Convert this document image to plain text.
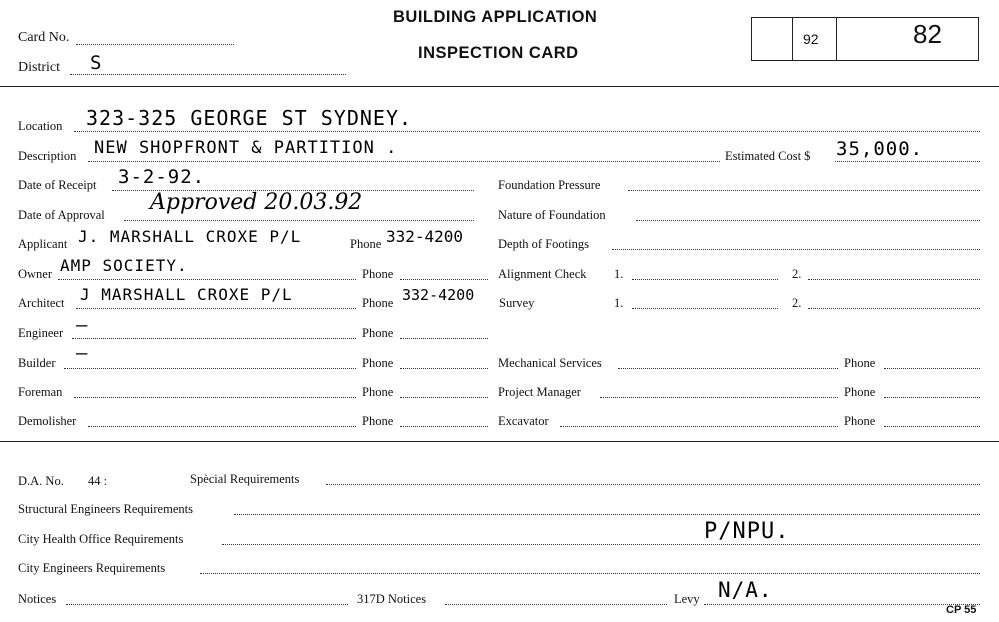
Card No.
District S
BUILDING APPLICATION
INSPECTION CARD
92	82
Location 323-325 GEORGE ST SYDNEY.
Description NEW SHOPFRONT & PARTITION .	Estimated Cost $ 35,000.
Date of Receipt 3-2-92.
Date of Approval Approved 20.03.92
Applicant J. MARSHALL CROXE P/L	Phone 332-4200
Owner AMP SOCIETY.	Phone
Architect J MARSHALL CROXE P/L	Phone 332-4200
Engineer —	Phone
Builder —	Phone
Foreman	Phone
Demolisher	Phone
Foundation Pressure
Nature of Foundation
Depth of Footings
Alignment Check 1.	2.
Survey	1.	2.
Mechanical Services	Phone
Project Manager	Phone
Excavator	Phone
D.A. No. 44 :	Spècial Requirements
Structural Engineers Requirements
City Health Office Requirements	P/NPU.
City Engineers Requirements
Notices	317D Notices	Levy N/A.
CP 55
